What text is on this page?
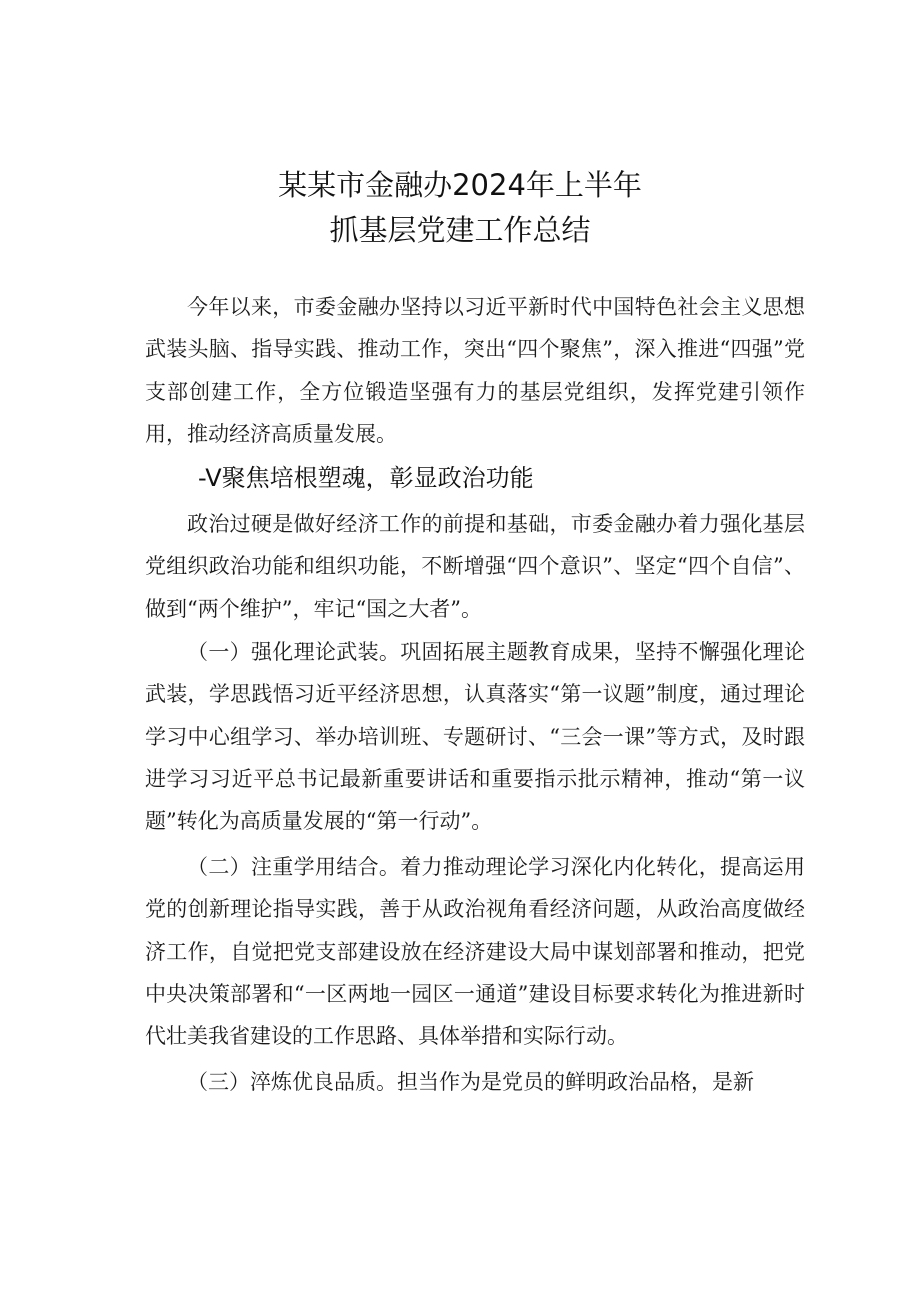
某某市金融办2024年上半年
抓基层党建工作总结
今年以来，市委金融办坚持以习近平新时代中国特色社会主义思想武装头脑、指导实践、推动工作，突出“四个聚焦”，深入推进“四强”党支部创建工作，全方位锻造坚强有力的基层党组织，发挥党建引领作用，推动经济高质量发展。
-V聚焦培根塑魂，彰显政治功能
政治过硬是做好经济工作的前提和基础，市委金融办着力强化基层党组织政治功能和组织功能，不断增强“四个意识”、坚定“四个自信”、做到“两个维护”，牢记“国之大者”。
（一）强化理论武装。巩固拓展主题教育成果，坚持不懈强化理论武装，学思践悟习近平经济思想，认真落实“第一议题”制度，通过理论学习中心组学习、举办培训班、专题研讨、“三会一课”等方式，及时跟进学习习近平总书记最新重要讲话和重要指示批示精神，推动“第一议题”转化为高质量发展的“第一行动”。
（二）注重学用结合。着力推动理论学习深化内化转化，提高运用党的创新理论指导实践，善于从政治视角看经济问题，从政治高度做经济工作，自觉把党支部建设放在经济建设大局中谋划部署和推动，把党中央决策部署和“一区两地一园区一通道”建设目标要求转化为推进新时代壮美我省建设的工作思路、具体举措和实际行动。
（三）淬炼优良品质。担当作为是党员的鲜明政治品格，是新
